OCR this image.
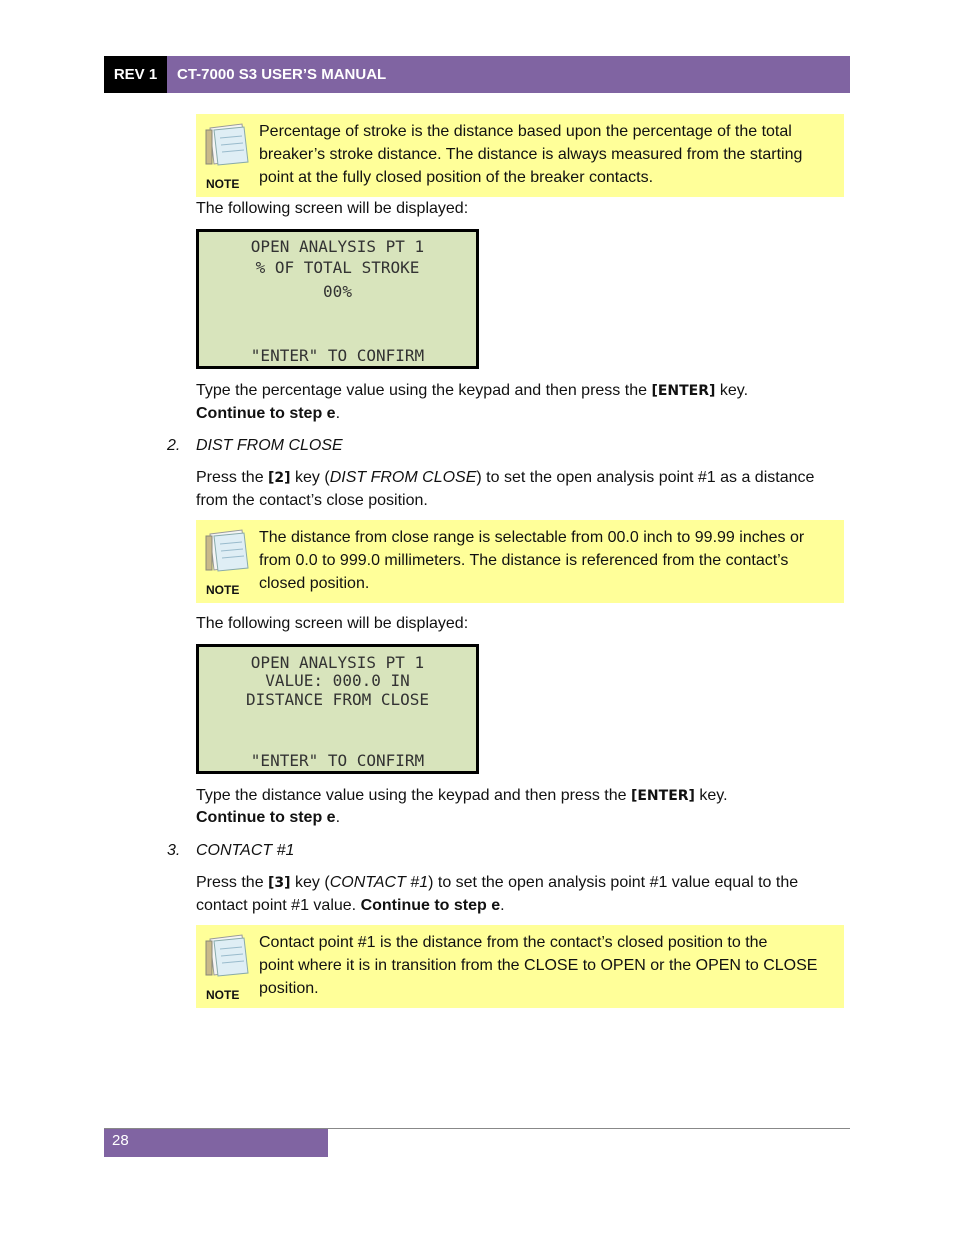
REV 1	CT-7000 S3 USER’S MANUAL
NOTE
Percentage of stroke is the distance based upon the percentage of the total
breaker’s stroke distance. The distance is always measured from the starting
point at the fully closed position of the breaker contacts.
The following screen will be displayed:
OPEN ANALYSIS PT 1
% OF TOTAL STROKE
00%
"ENTER" TO CONFIRM
Type the percentage value using the keypad and then press the [ENTER] key.
Continue to step e.
2. DIST FROM CLOSE
Press the [2] key (DIST FROM CLOSE) to set the open analysis point #1 as a distance
from the contact’s close position.
NOTE
The distance from close range is selectable from 00.0 inch to 99.99 inches or
from 0.0 to 999.0 millimeters. The distance is referenced from the contact’s
closed position.
The following screen will be displayed:
OPEN ANALYSIS PT 1
VALUE: 000.0 IN
DISTANCE FROM CLOSE
"ENTER" TO CONFIRM
Type the distance value using the keypad and then press the [ENTER] key.
Continue to step e.
3. CONTACT #1
Press the [3] key (CONTACT #1) to set the open analysis point #1 value equal to the
contact point #1 value. Continue to step e.
NOTE
Contact point #1 is the distance from the contact’s closed position to the
point where it is in transition from the CLOSE to OPEN or the OPEN to CLOSE
position.
28
